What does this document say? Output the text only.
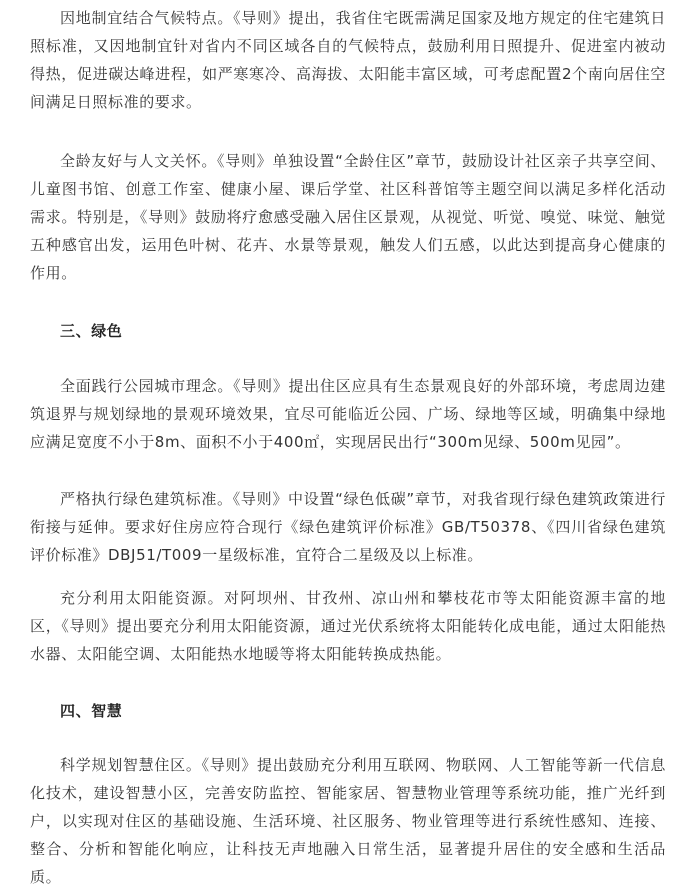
因地制宜结合气候特点。《导则》提出，我省住宅既需满足国家及地方规定的住宅建筑日照标准，又因地制宜针对省内不同区域各自的气候特点，鼓励利用日照提升、促进室内被动得热，促进碳达峰进程，如严寒寒冷、高海拔、太阳能丰富区域，可考虑配置2个南向居住空间满足日照标准的要求。

全龄友好与人文关怀。《导则》单独设置“全龄住区”章节，鼓励设计社区亲子共享空间、儿童图书馆、创意工作室、健康小屋、课后学堂、社区科普馆等主题空间以满足多样化活动需求。特别是，《导则》鼓励将疗愈感受融入居住区景观，从视觉、听觉、嗅觉、味觉、触觉五种感官出发，运用色叶树、花卉、水景等景观，触发人们五感，以此达到提高身心健康的作用。

三、绿色

全面践行公园城市理念。《导则》提出住区应具有生态景观良好的外部环境，考虑周边建筑退界与规划绿地的景观环境效果，宜尽可能临近公园、广场、绿地等区域，明确集中绿地应满足宽度不小于8m、面积不小于400㎡，实现居民出行“300m见绿、500m见园”。

严格执行绿色建筑标准。《导则》中设置“绿色低碳”章节，对我省现行绿色建筑政策进行衔接与延伸。要求好住房应符合现行《绿色建筑评价标准》GB/T50378、《四川省绿色建筑评价标准》DBJ51/T009一星级标准，宜符合二星级及以上标准。

充分利用太阳能资源。对阿坝州、甘孜州、凉山州和攀枝花市等太阳能资源丰富的地区，《导则》提出要充分利用太阳能资源，通过光伏系统将太阳能转化成电能，通过太阳能热水器、太阳能空调、太阳能热水地暖等将太阳能转换成热能。

四、智慧

科学规划智慧住区。《导则》提出鼓励充分利用互联网、物联网、人工智能等新一代信息化技术，建设智慧小区，完善安防监控、智能家居、智慧物业管理等系统功能，推广光纤到户，以实现对住区的基础设施、生活环境、社区服务、物业管理等进行系统性感知、连接、整合、分析和智能化响应，让科技无声地融入日常生活，显著提升居住的安全感和生活品质。
